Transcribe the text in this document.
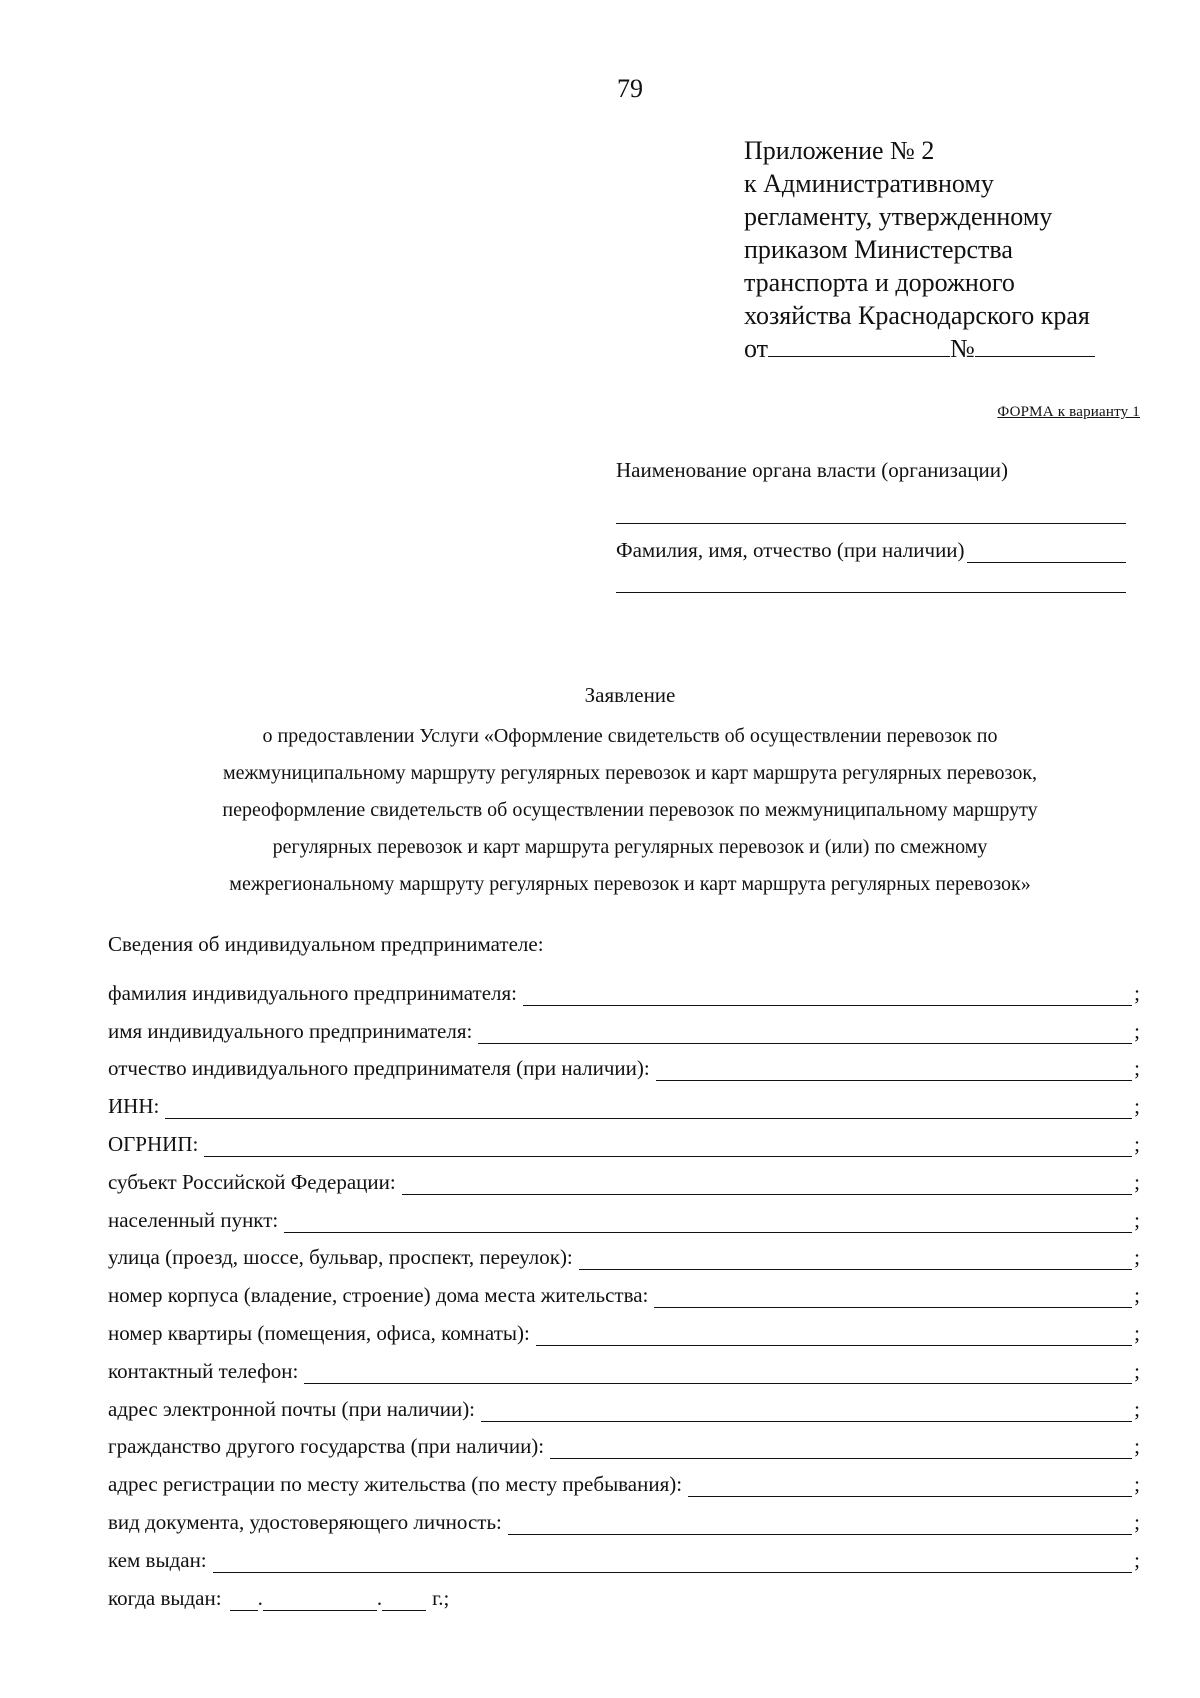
79
Приложение № 2
к Административному
регламенту, утвержденному
приказом Министерства
транспорта и дорожного
хозяйства Краснодарского края
от	№
ФОРМА к варианту 1
Наименование органа власти (организации)
Фамилия, имя, отчество (при наличии)
Заявление
о предоставлении Услуги «Оформление свидетельств об осуществлении перевозок по
межмуниципальному маршруту регулярных перевозок и карт маршрута регулярных перевозок,
переоформление свидетельств об осуществлении перевозок по межмуниципальному маршруту
регулярных перевозок и карт маршрута регулярных перевозок и (или) по смежному
межрегиональному маршруту регулярных перевозок и карт маршрута регулярных перевозок»
Сведения об индивидуальном предпринимателе:
фамилия индивидуального предпринимателя:	;
имя индивидуального предпринимателя:	;
отчество индивидуального предпринимателя (при наличии):	;
ИНН:	;
ОГРНИП:	;
субъект Российской Федерации:	;
населенный пункт:	;
улица (проезд, шоссе, бульвар, проспект, переулок):	;
номер корпуса (владение, строение) дома места жительства:	;
номер квартиры (помещения, офиса, комнаты):	;
контактный телефон:	;
адрес электронной почты (при наличии):	;
гражданство другого государства (при наличии):	;
адрес регистрации по месту жительства (по месту пребывания):	;
вид документа, удостоверяющего личность:	;
кем выдан:	;
когда выдан: .	. г.;
